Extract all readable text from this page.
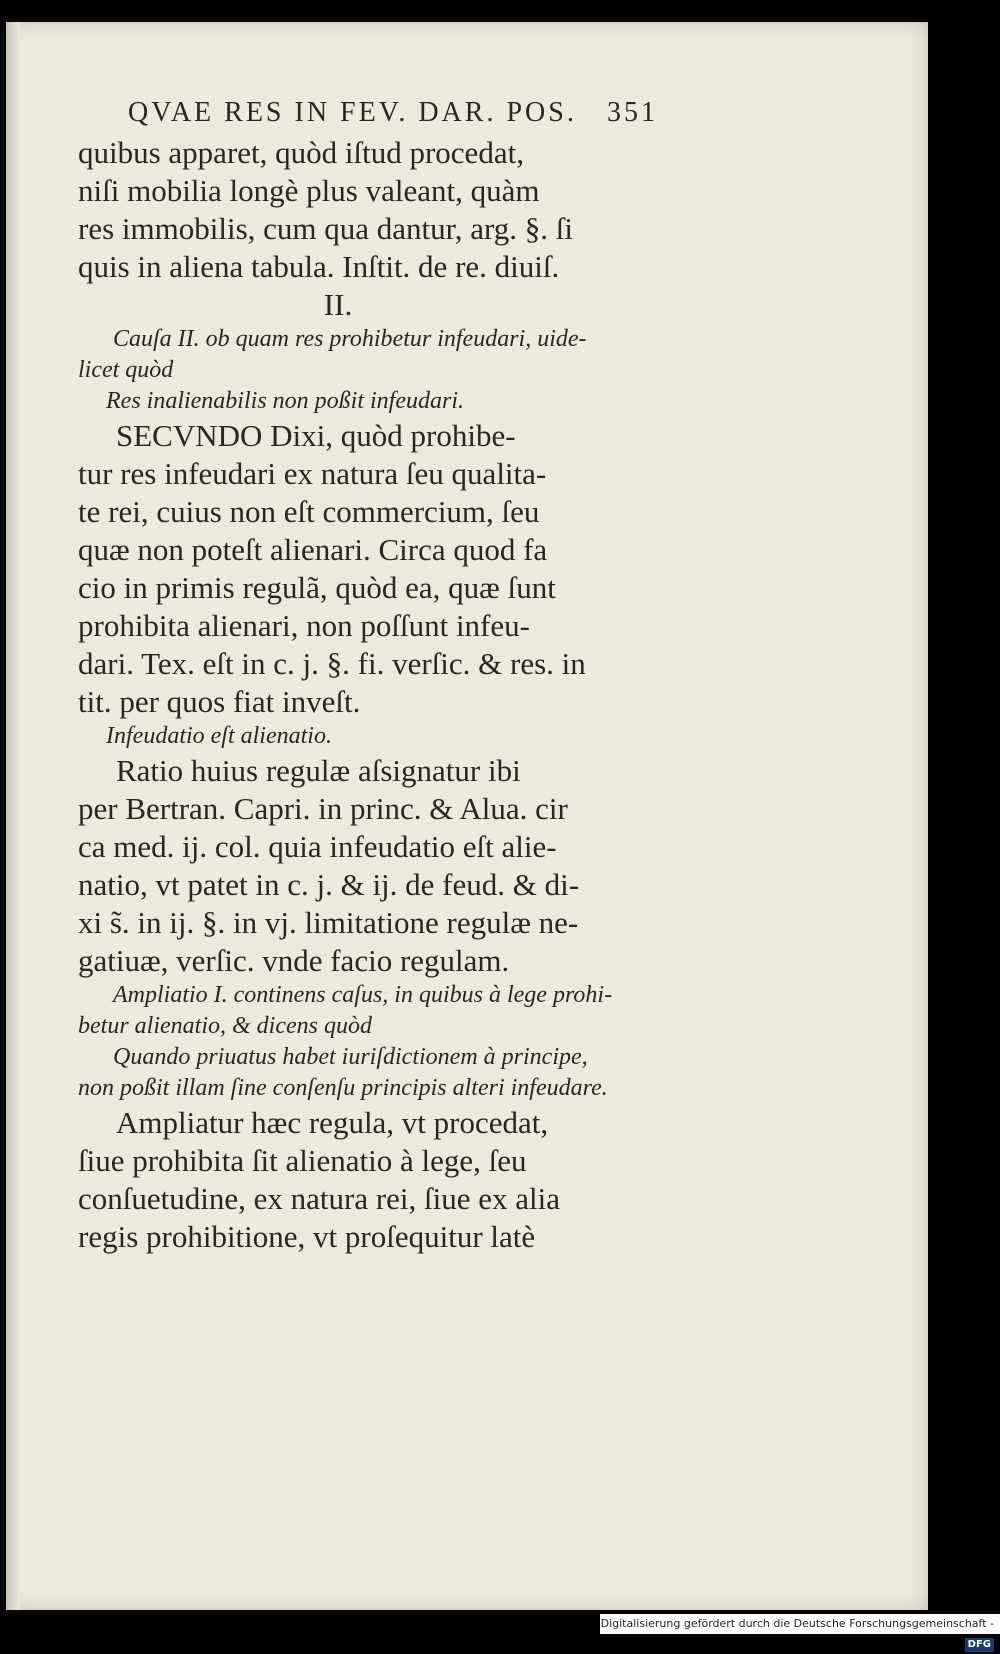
QVAE RES IN FEV. DAR. POS. 351
quibus apparet, quòd iſtud procedat,
niſi mobilia longè plus valeant, quàm
res immobilis, cum qua dantur, arg. §. ſi
quis in aliena tabula. Inſtit. de re. diuiſ.
II.
Cauſa II. ob quam res prohibetur infeudari, uide-
licet quòd
Res inalienabilis non poßit infeudari.
SECVNDO Dixi, quòd prohibe-
tur res infeudari ex natura ſeu qualita-
te rei, cuius non eſt commercium, ſeu
quæ non poteſt alienari. Circa quod fa
cio in primis regulã, quòd ea, quæ ſunt
prohibita alienari, non poſſunt infeu-
dari. Tex. eſt in c. j. §. fi. verſic. & res. in
tit. per quos fiat inveſt.
Infeudatio eſt alienatio.
Ratio huius regulæ aſsignatur ibi
per Bertran. Capri. in princ. & Alua. cir
ca med. ij. col. quia infeudatio eſt alie-
natio, vt patet in c. j. & ij. de feud. & di-
xi s̃. in ij. §. in vj. limitatione regulæ ne-
gatiuæ, verſic. vnde facio regulam.
Ampliatio I. continens caſus, in quibus à lege prohi-
betur alienatio, & dicens quòd
Quando priuatus habet iuriſdictionem à principe,
non poßit illam ſine conſenſu principis alteri infeudare.
Ampliatur hæc regula, vt procedat,
ſiue prohibita ſit alienatio à lege, ſeu
conſuetudine, ex natura rei, ſiue ex alia
regis prohibitione, vt proſequitur latè
Digitalisierung gefördert durch die Deutsche Forschungsgemeinschaft -DFG
